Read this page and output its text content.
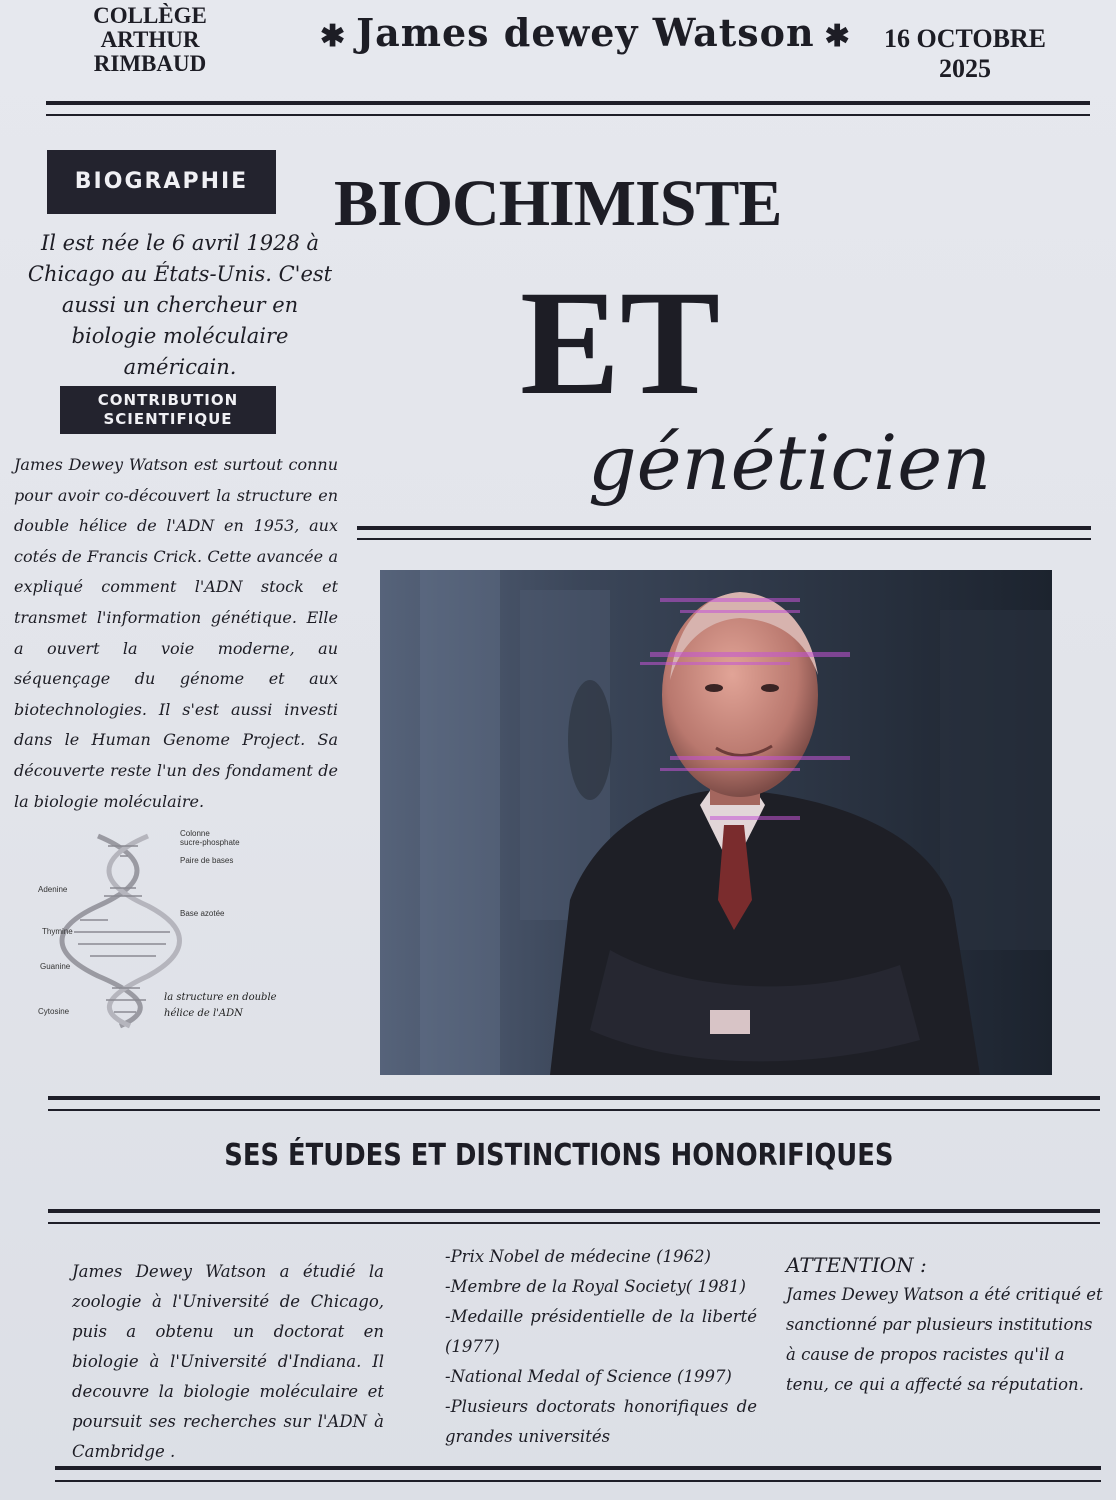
COLLÈGE
ARTHUR
RIMBAUD
✱ James dewey Watson ✱	16 OCTOBRE
2025
BIOGRAPHIE
Il est née le 6 avril 1928 à Chicago au États-Unis. C'est aussi un chercheur en biologie moléculaire américain.
CONTRIBUTION
SCIENTIFIQUE
James Dewey Watson est surtout connu pour avoir co-découvert la structure en double hélice de l'ADN en 1953, aux cotés de Francis Crick. Cette avancée a expliqué comment l'ADN stock et transmet l'information génétique. Elle a ouvert la voie moderne, au séquençage du génome et aux biotechnologies. Il s'est aussi investi dans le Human Genome Project. Sa découverte reste l'un des fondament de la biologie moléculaire.
Colonne
sucre-phosphate
Paire de bases
Base azotée
Adenine
Thymine
Guanine
Cytosine
la structure en double
hélice de l'ADN
BIOCHIMISTE
ET
généticien
SES ÉTUDES ET DISTINCTIONS HONORIFIQUES
James Dewey Watson a étudié la zoologie à l'Université de Chicago, puis a obtenu un doctorat en biologie à l'Université d'Indiana. Il decouvre la biologie moléculaire et poursuit ses recherches sur l'ADN à Cambridge .
-Prix Nobel de médecine (1962)
-Membre de la Royal Society( 1981)
-Medaille présidentielle de la liberté (1977)
-National Medal of Science (1997)
-Plusieurs doctorats honorifiques de grandes universités
ATTENTION :
James Dewey Watson a été critiqué et sanctionné par plusieurs institutions à cause de propos racistes qu'il a tenu, ce qui a affecté sa réputation.
